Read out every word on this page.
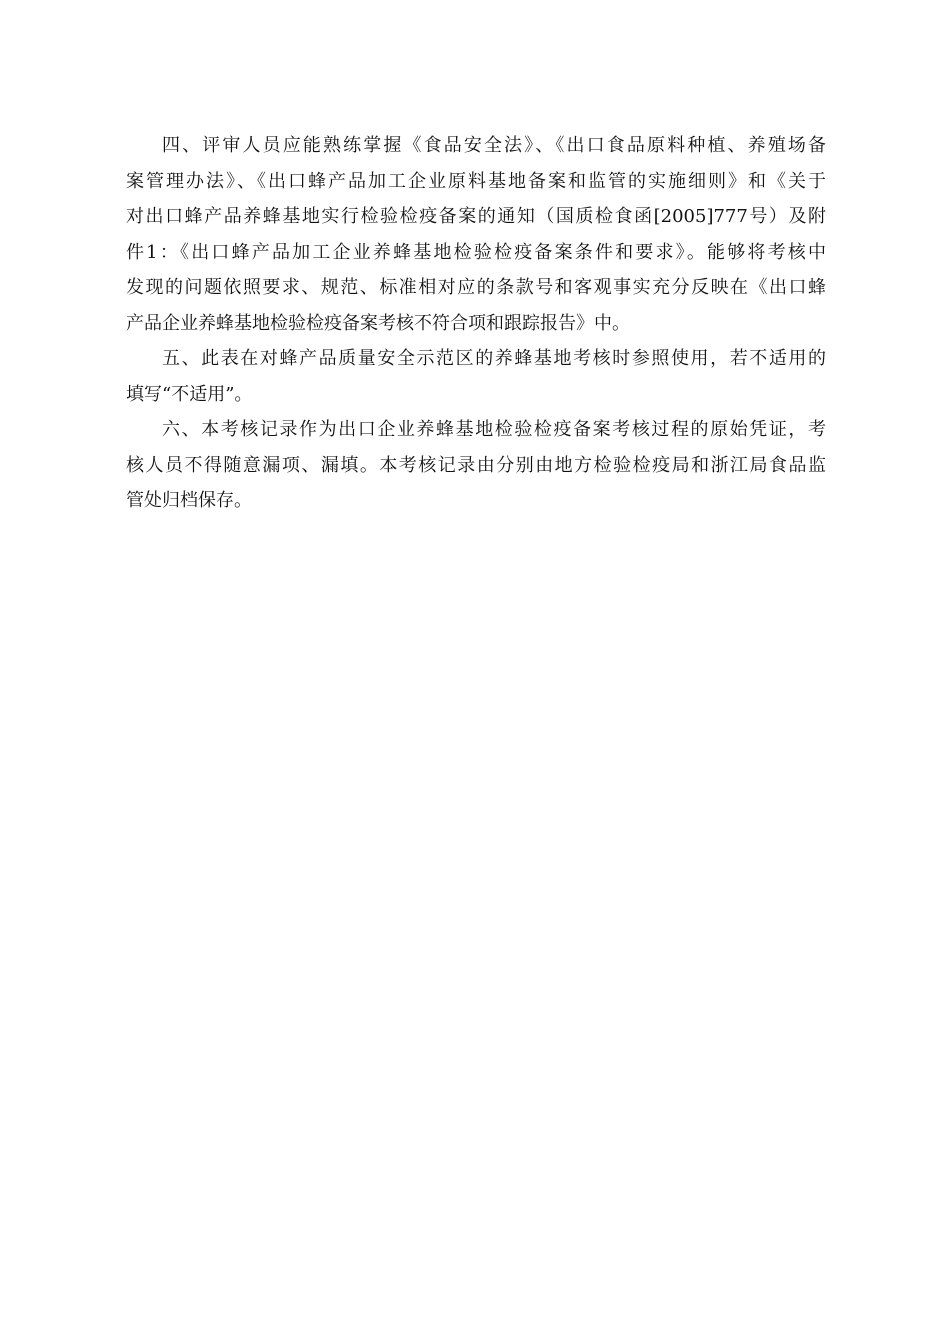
四、评审人员应能熟练掌握《食品安全法》、《出口食品原料种植、养殖场备
案管理办法》、《出口蜂产品加工企业原料基地备案和监管的实施细则》和《关于
对出口蜂产品养蜂基地实行检验检疫备案的通知（国质检食函[2005]777号）及附
件1：《出口蜂产品加工企业养蜂基地检验检疫备案条件和要求》。能够将考核中
发现的问题依照要求、规范、标准相对应的条款号和客观事实充分反映在《出口蜂
产品企业养蜂基地检验检疫备案考核不符合项和跟踪报告》中。
五、此表在对蜂产品质量安全示范区的养蜂基地考核时参照使用，若不适用的
填写“不适用”。
六、本考核记录作为出口企业养蜂基地检验检疫备案考核过程的原始凭证，考
核人员不得随意漏项、漏填。本考核记录由分别由地方检验检疫局和浙江局食品监
管处归档保存。
